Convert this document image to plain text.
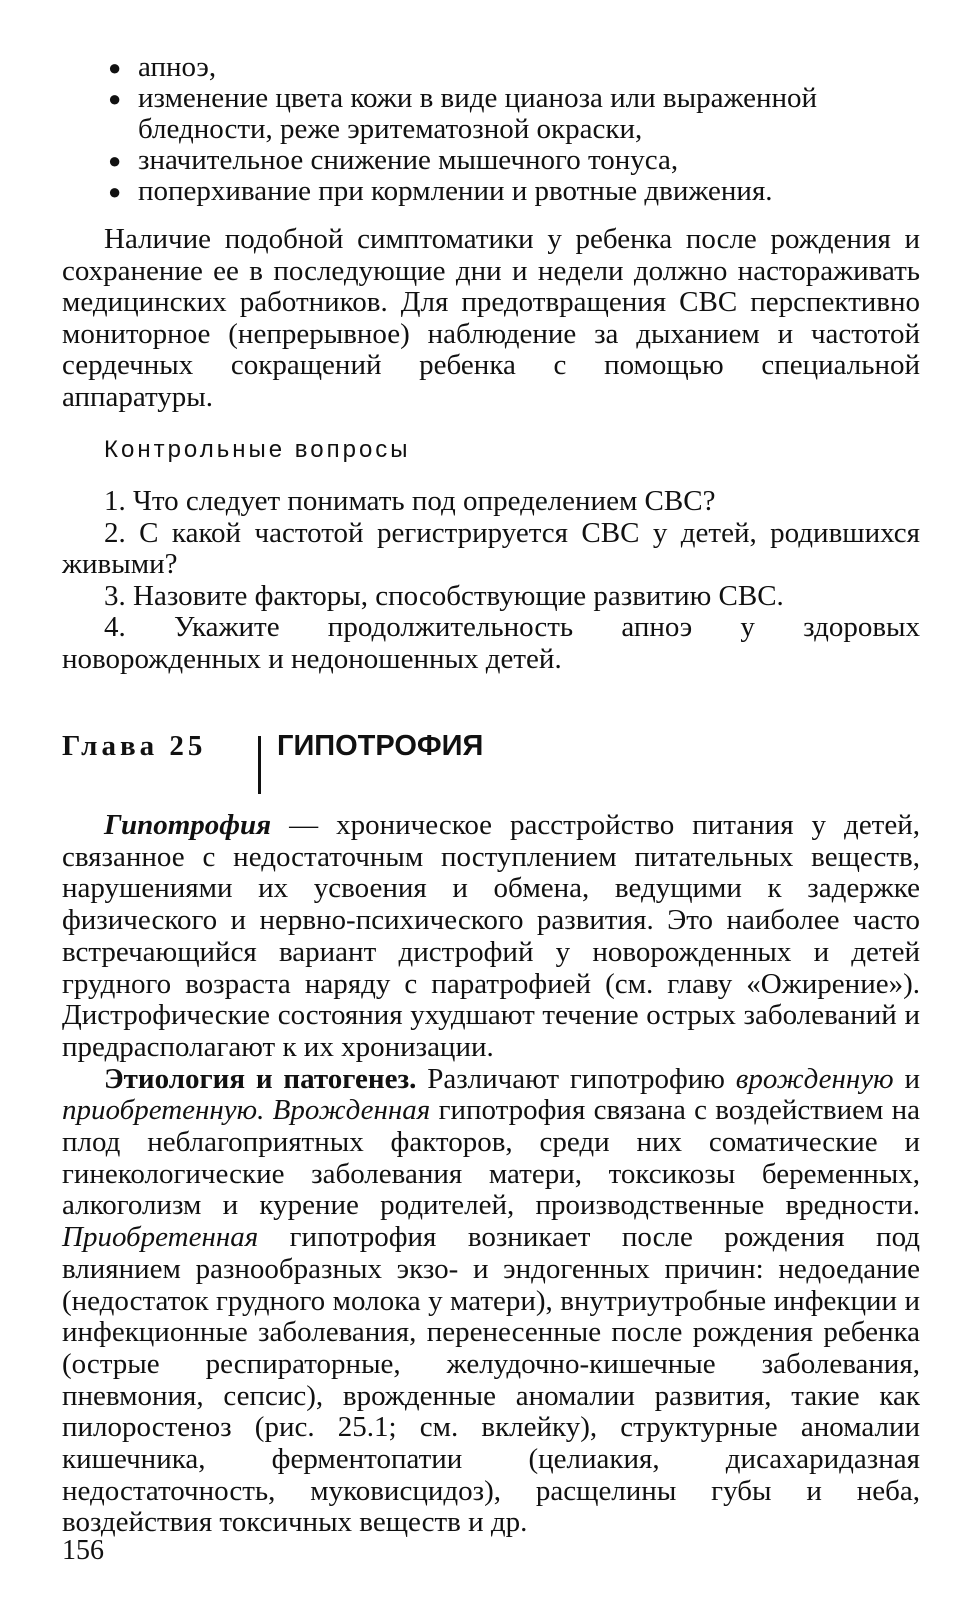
● апноэ,
● изменение цвета кожи в виде цианоза или выраженной бледности, реже эритематозной окраски,
● значительное снижение мышечного тонуса,
● поперхивание при кормлении и рвотные движения.

Наличие подобной симптоматики у ребенка после рождения и сохранение ее в последующие дни и недели должно настораживать медицинских работников. Для предотвращения СВС перспективно мониторное (непрерывное) наблюдение за дыханием и частотой сердечных сокращений ребенка с помощью специальной аппаратуры.

Контрольные вопросы
1. Что следует понимать под определением СВС?
2. С какой частотой регистрируется СВС у детей, родившихся живыми?
3. Назовите факторы, способствующие развитию СВС.
4. Укажите продолжительность апноэ у здоровых новорожденных и недоношенных детей.
Глава 25 ГИПОТРОФИЯ

Гипотрофия — хроническое расстройство питания у детей, связанное с недостаточным поступлением питательных веществ, нарушениями их усвоения и обмена, ведущими к задержке физического и нервно-психического развития. Это наиболее часто встречающийся вариант дистрофий у новорожденных и детей грудного возраста наряду с паратрофией (см. главу «Ожирение»). Дистрофические состояния ухудшают течение острых заболеваний и предрасполагают к их хронизации.

Этиология и патогенез. Различают гипотрофию врожденную и приобретенную. Врожденная гипотрофия связана с воздействием на плод неблагоприятных факторов, среди них соматические и гинекологические заболевания матери, токсикозы беременных, алкоголизм и курение родителей, производственные вредности. Приобретенная гипотрофия возникает после рождения под влиянием разнообразных экзо- и эндогенных причин: недоедание (недостаток грудного молока у матери), внутриутробные инфекции и инфекционные заболевания, перенесенные после рождения ребенка (острые респираторные, желудочно-кишечные заболевания, пневмония, сепсис), врожденные аномалии развития, такие как пилоростеноз (рис. 25.1; см. вклейку), структурные аномалии кишечника, ферментопатии (целиакия, дисахаридазная недостаточность, муковисцидоз), расщелины губы и неба, воздействия токсичных веществ и др.

156
